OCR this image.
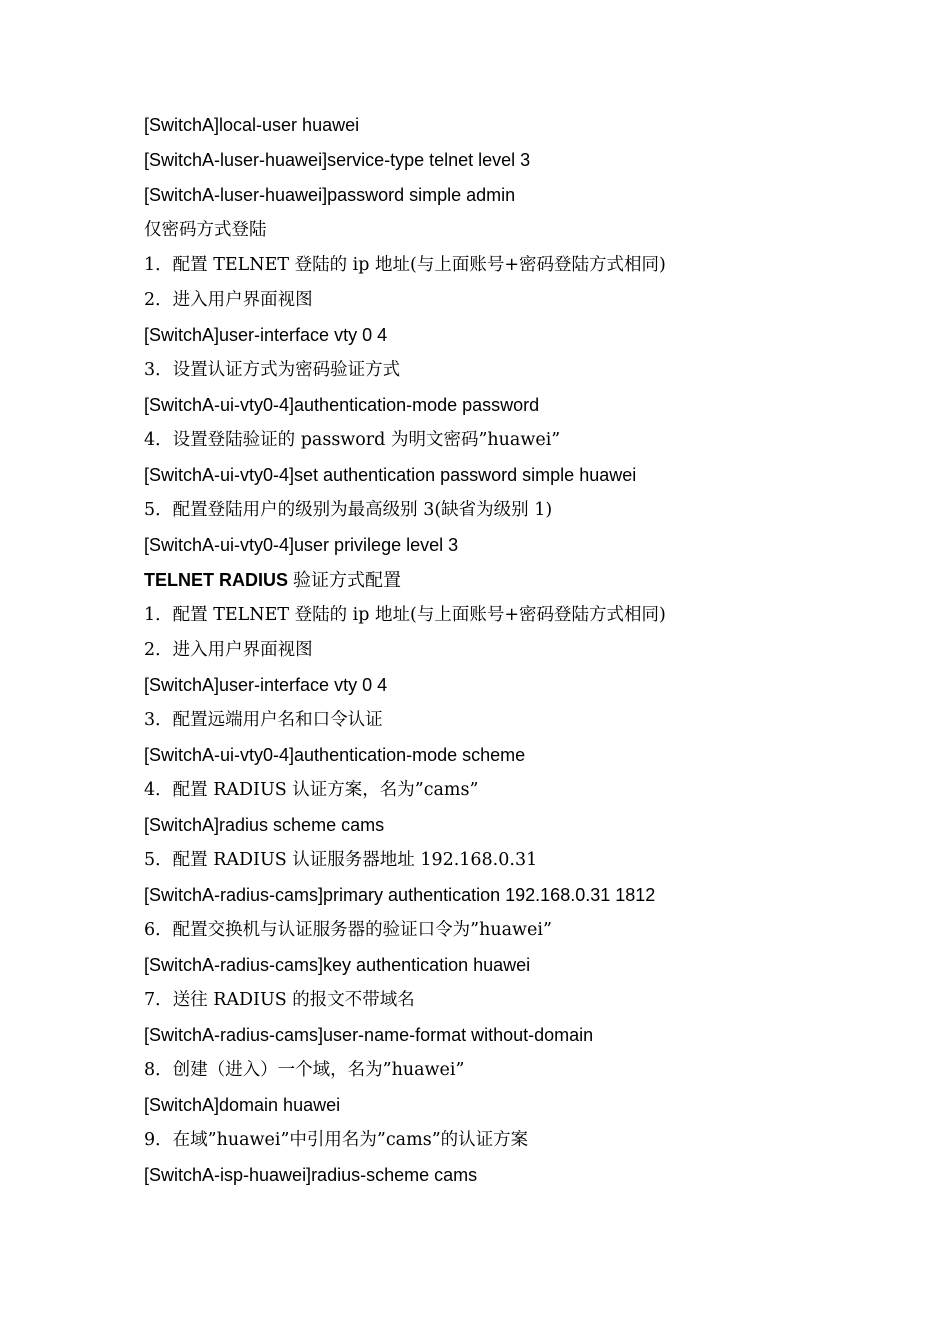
[SwitchA]local-user huawei
[SwitchA-luser-huawei]service-type telnet level 3
[SwitchA-luser-huawei]password simple admin
仅密码方式登陆
1．配置 TELNET 登陆的 ip 地址(与上面账号+密码登陆方式相同)
2．进入用户界面视图
[SwitchA]user-interface vty 0 4
3．设置认证方式为密码验证方式
[SwitchA-ui-vty0-4]authentication-mode password
4．设置登陆验证的 password 为明文密码”huawei”
[SwitchA-ui-vty0-4]set authentication password simple huawei
5．配置登陆用户的级别为最高级别 3(缺省为级别 1)
[SwitchA-ui-vty0-4]user privilege level 3
TELNET RADIUS 验证方式配置
1．配置 TELNET 登陆的 ip 地址(与上面账号+密码登陆方式相同)
2．进入用户界面视图
[SwitchA]user-interface vty 0 4
3．配置远端用户名和口令认证
[SwitchA-ui-vty0-4]authentication-mode scheme
4．配置 RADIUS 认证方案，名为”cams”
[SwitchA]radius scheme cams
5．配置 RADIUS 认证服务器地址 192.168.0.31
[SwitchA-radius-cams]primary authentication 192.168.0.31 1812
6．配置交换机与认证服务器的验证口令为”huawei”
[SwitchA-radius-cams]key authentication huawei
7．送往 RADIUS 的报文不带域名
[SwitchA-radius-cams]user-name-format without-domain
8．创建（进入）一个域，名为”huawei”
[SwitchA]domain huawei
9．在域”huawei”中引用名为”cams”的认证方案
[SwitchA-isp-huawei]radius-scheme cams
